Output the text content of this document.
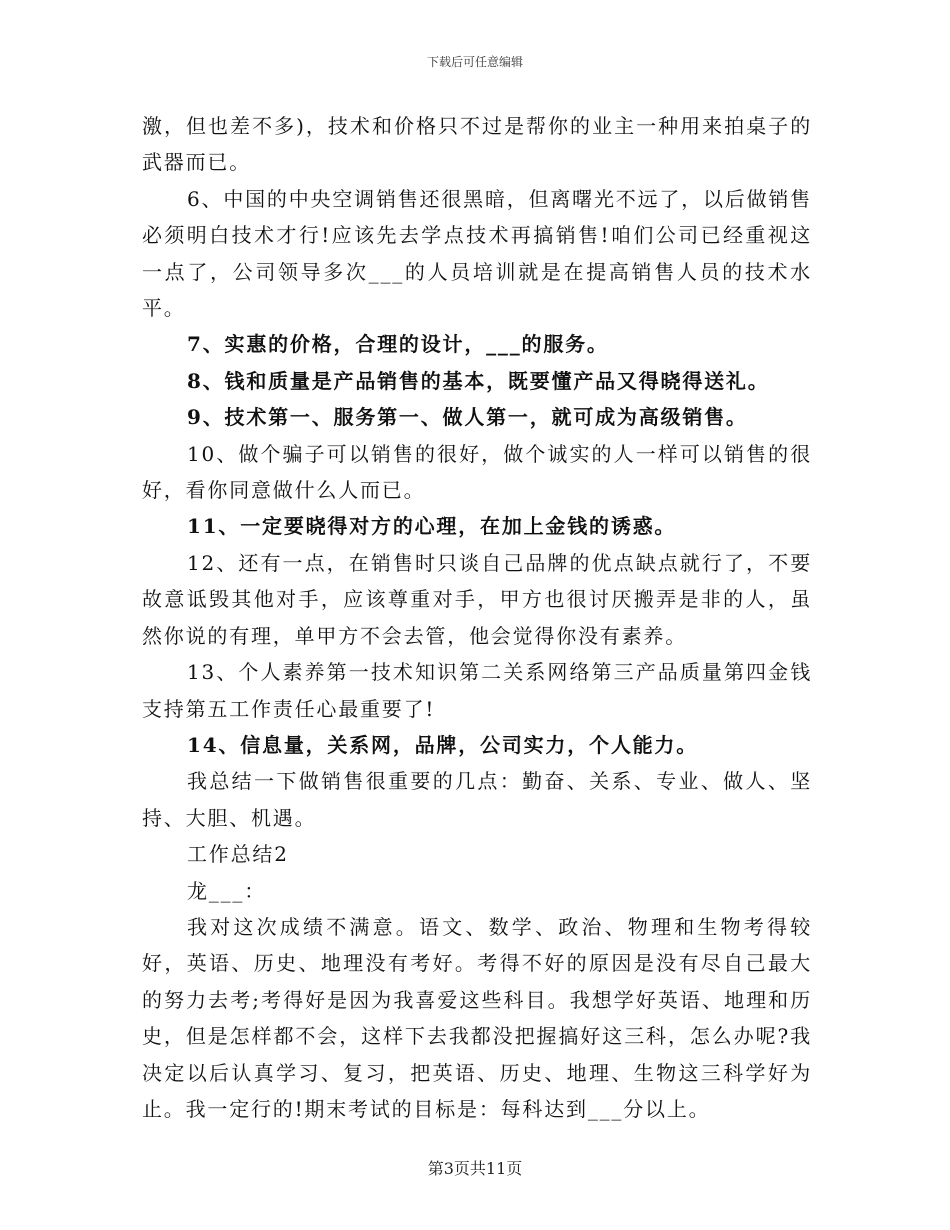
下载后可任意编辑

激，但也差不多)，技术和价格只不过是帮你的业主一种用来拍桌子的武器而已。

6、中国的中央空调销售还很黑暗，但离曙光不远了，以后做销售必须明白技术才行!应该先去学点技术再搞销售!咱们公司已经重视这一点了，公司领导多次___的人员培训就是在提高销售人员的技术水平。

7、实惠的价格，合理的设计，___的服务。

8、钱和质量是产品销售的基本，既要懂产品又得晓得送礼。

9、技术第一、服务第一、做人第一，就可成为高级销售。

10、做个骗子可以销售的很好，做个诚实的人一样可以销售的很好，看你同意做什么人而已。

11、一定要晓得对方的心理，在加上金钱的诱惑。

12、还有一点，在销售时只谈自己品牌的优点缺点就行了，不要故意诋毁其他对手，应该尊重对手，甲方也很讨厌搬弄是非的人，虽然你说的有理，单甲方不会去管，他会觉得你没有素养。

13、个人素养第一技术知识第二关系网络第三产品质量第四金钱支持第五工作责任心最重要了!

14、信息量，关系网，品牌，公司实力，个人能力。

我总结一下做销售很重要的几点：勤奋、关系、专业、做人、坚持、大胆、机遇。

工作总结2

龙___：

我对这次成绩不满意。语文、数学、政治、物理和生物考得较好，英语、历史、地理没有考好。考得不好的原因是没有尽自己最大的努力去考;考得好是因为我喜爱这些科目。我想学好英语、地理和历史，但是怎样都不会，这样下去我都没把握搞好这三科，怎么办呢?我决定以后认真学习、复习，把英语、历史、地理、生物这三科学好为止。我一定行的!期末考试的目标是：每科达到___分以上。

第3页共11页
